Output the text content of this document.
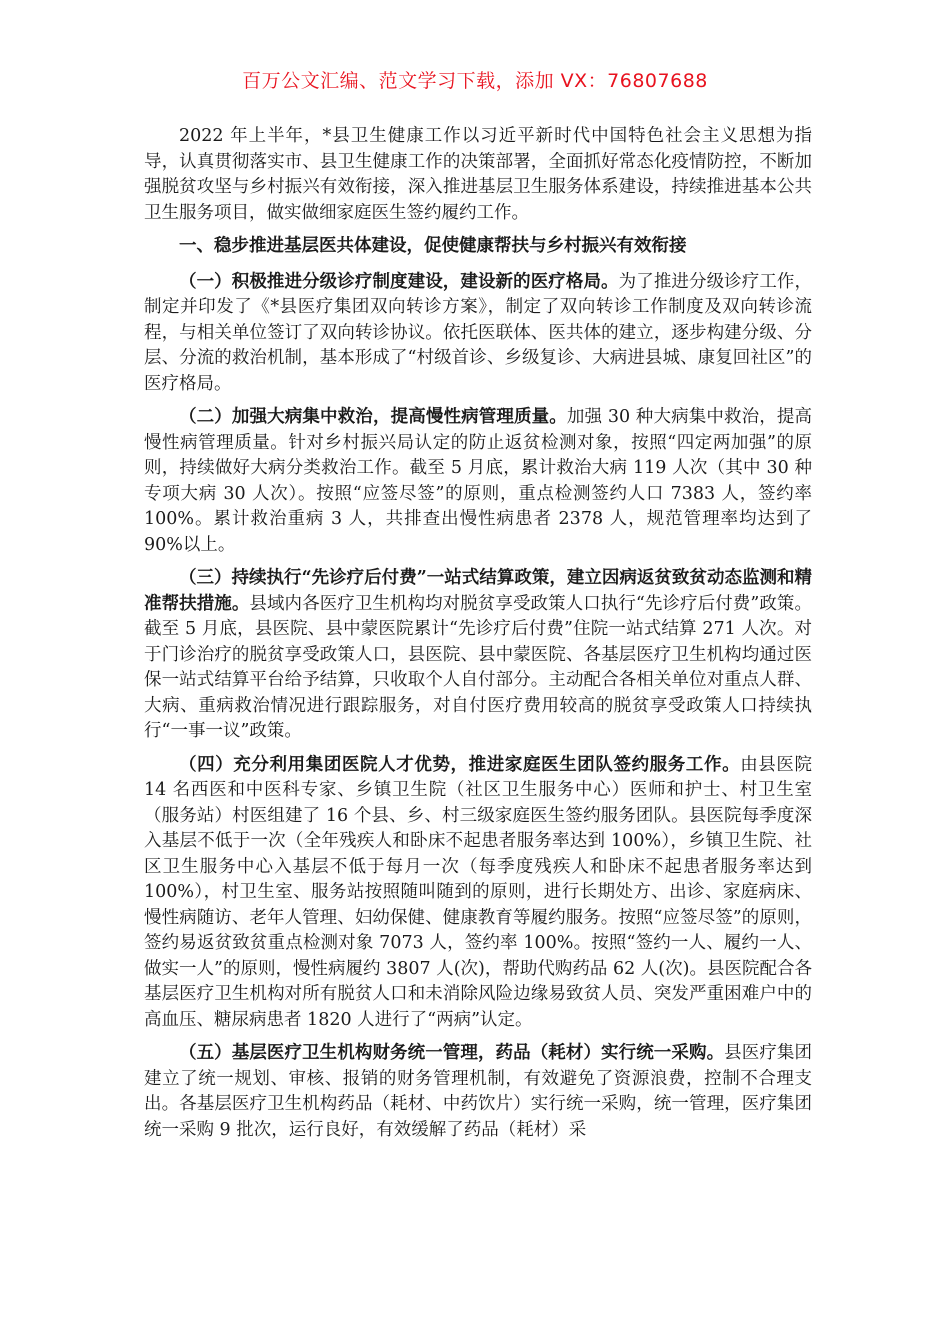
百万公文汇编、范文学习下载，添加 VX：76807688

2022 年上半年，*县卫生健康工作以习近平新时代中国特色社会主义思想为指导，认真贯彻落实市、县卫生健康工作的决策部署，全面抓好常态化疫情防控，不断加强脱贫攻坚与乡村振兴有效衔接，深入推进基层卫生服务体系建设，持续推进基本公共卫生服务项目，做实做细家庭医生签约履约工作。

一、稳步推进基层医共体建设，促使健康帮扶与乡村振兴有效衔接

（一）积极推进分级诊疗制度建设，建设新的医疗格局。为了推进分级诊疗工作，制定并印发了《*县医疗集团双向转诊方案》，制定了双向转诊工作制度及双向转诊流程，与相关单位签订了双向转诊协议。依托医联体、医共体的建立，逐步构建分级、分层、分流的救治机制，基本形成了“村级首诊、乡级复诊、大病进县城、康复回社区”的医疗格局。

（二）加强大病集中救治，提高慢性病管理质量。加强 30 种大病集中救治，提高慢性病管理质量。针对乡村振兴局认定的防止返贫检测对象，按照“四定两加强”的原则，持续做好大病分类救治工作。截至 5 月底，累计救治大病 119 人次（其中 30 种专项大病 30 人次）。按照“应签尽签”的原则，重点检测签约人口 7383 人，签约率 100%。累计救治重病 3 人，共排查出慢性病患者 2378 人，规范管理率均达到了 90%以上。

（三）持续执行“先诊疗后付费”一站式结算政策，建立因病返贫致贫动态监测和精准帮扶措施。县域内各医疗卫生机构均对脱贫享受政策人口执行“先诊疗后付费”政策。截至 5 月底，县医院、县中蒙医院累计“先诊疗后付费”住院一站式结算 271 人次。对于门诊治疗的脱贫享受政策人口，县医院、县中蒙医院、各基层医疗卫生机构均通过医保一站式结算平台给予结算，只收取个人自付部分。主动配合各相关单位对重点人群、大病、重病救治情况进行跟踪服务，对自付医疗费用较高的脱贫享受政策人口持续执行“一事一议”政策。

（四）充分利用集团医院人才优势，推进家庭医生团队签约服务工作。由县医院 14 名西医和中医科专家、乡镇卫生院（社区卫生服务中心）医师和护士、村卫生室（服务站）村医组建了 16 个县、乡、村三级家庭医生签约服务团队。县医院每季度深入基层不低于一次（全年残疾人和卧床不起患者服务率达到 100%），乡镇卫生院、社区卫生服务中心入基层不低于每月一次（每季度残疾人和卧床不起患者服务率达到 100%），村卫生室、服务站按照随叫随到的原则，进行长期处方、出诊、家庭病床、慢性病随访、老年人管理、妇幼保健、健康教育等履约服务。按照“应签尽签”的原则，签约易返贫致贫重点检测对象 7073 人，签约率 100%。按照“签约一人、履约一人、做实一人”的原则，慢性病履约 3807 人(次)，帮助代购药品 62 人(次)。县医院配合各基层医疗卫生机构对所有脱贫人口和未消除风险边缘易致贫人员、突发严重困难户中的高血压、糖尿病患者 1820 人进行了“两病”认定。

（五）基层医疗卫生机构财务统一管理，药品（耗材）实行统一采购。县医疗集团建立了统一规划、审核、报销的财务管理机制，有效避免了资源浪费，控制不合理支出。各基层医疗卫生机构药品（耗材、中药饮片）实行统一采购，统一管理，医疗集团统一采购 9 批次，运行良好，有效缓解了药品（耗材）采
